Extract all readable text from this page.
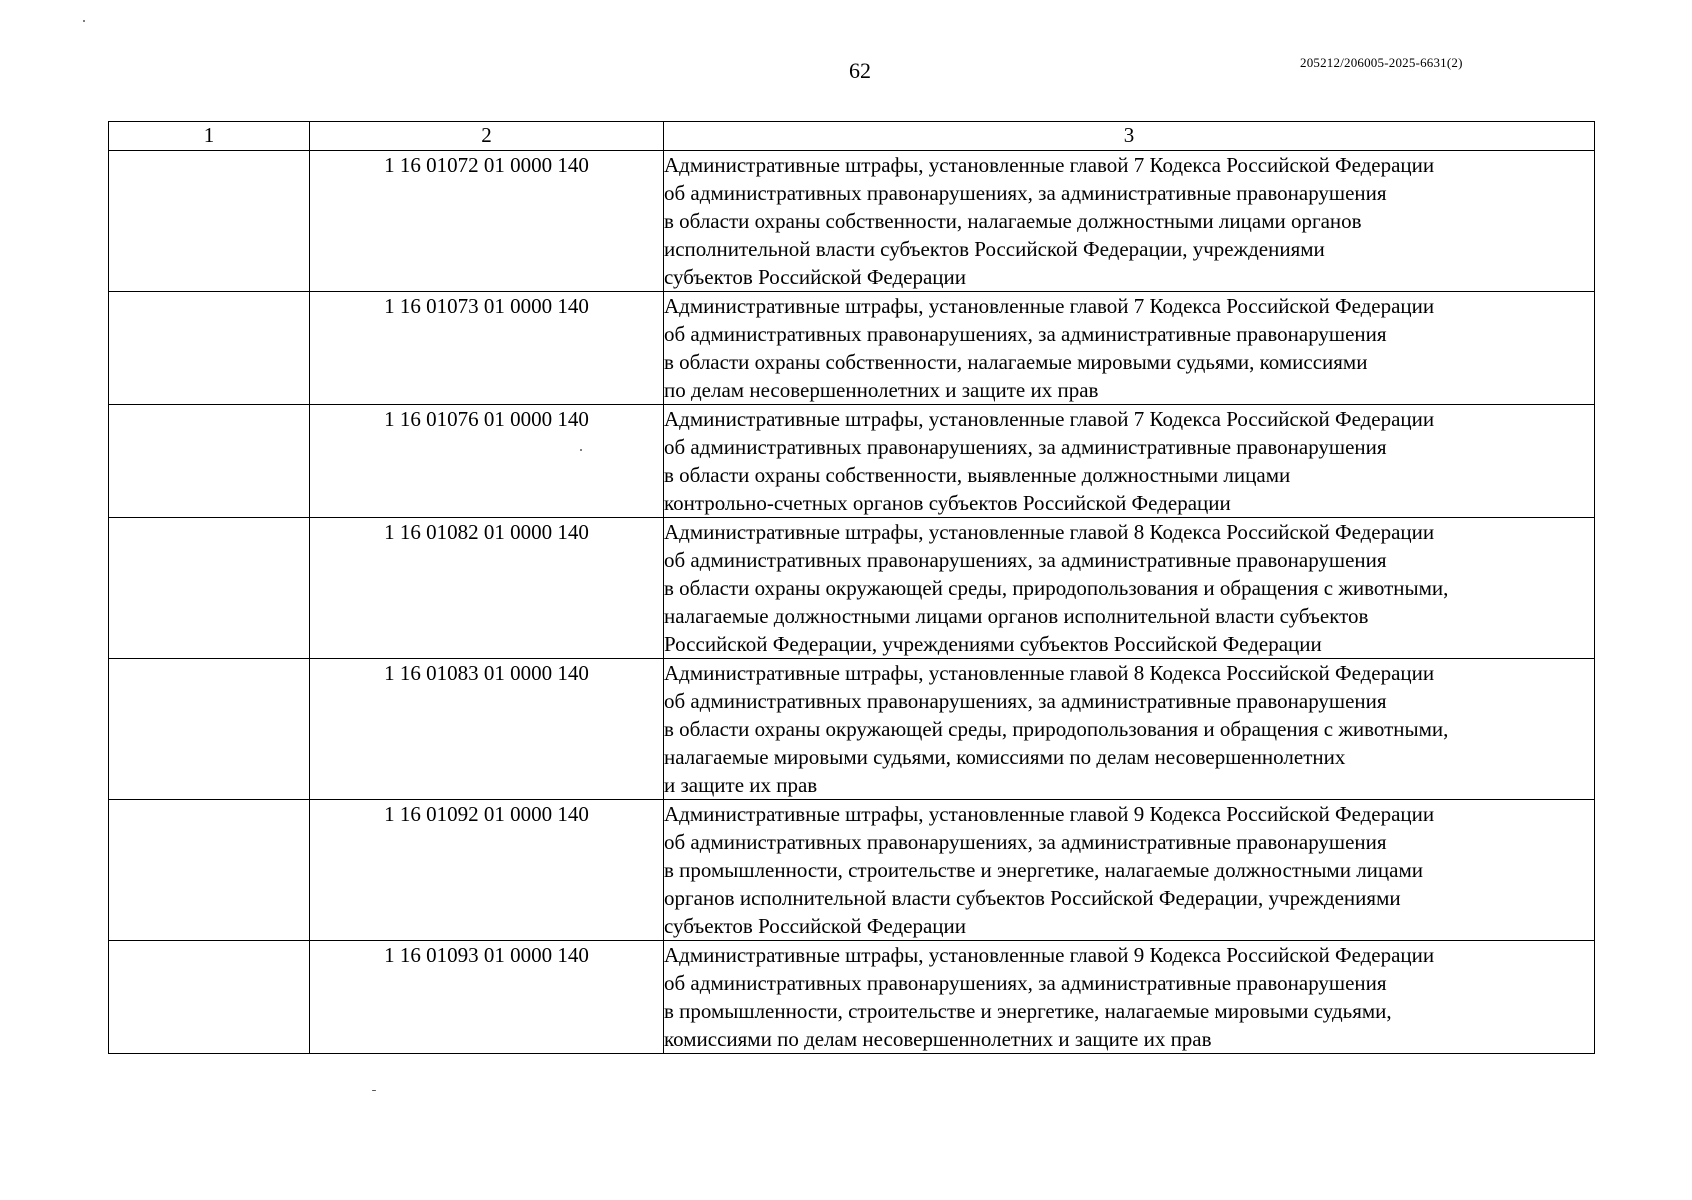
62	205212/206005-2025-6631(2)
1	2	3
	1 16 01072 01 0000 140	Административные штрафы, установленные главой 7 Кодекса Российской Федерации
об административных правонарушениях, за административные правонарушения
в области охраны собственности, налагаемые должностными лицами органов
исполнительной власти субъектов Российской Федерации, учреждениями
субъектов Российской Федерации

	1 16 01073 01 0000 140	Административные штрафы, установленные главой 7 Кодекса Российской Федерации
об административных правонарушениях, за административные правонарушения
в области охраны собственности, налагаемые мировыми судьями, комиссиями
по делам несовершеннолетних и защите их прав

	1 16 01076 01 0000 140	Административные штрафы, установленные главой 7 Кодекса Российской Федерации
об административных правонарушениях, за административные правонарушения
в области охраны собственности, выявленные должностными лицами
контрольно-счетных органов субъектов Российской Федерации

	1 16 01082 01 0000 140	Административные штрафы, установленные главой 8 Кодекса Российской Федерации
об административных правонарушениях, за административные правонарушения
в области охраны окружающей среды, природопользования и обращения с животными,
налагаемые должностными лицами органов исполнительной власти субъектов
Российской Федерации, учреждениями субъектов Российской Федерации

	1 16 01083 01 0000 140	Административные штрафы, установленные главой 8 Кодекса Российской Федерации
об административных правонарушениях, за административные правонарушения
в области охраны окружающей среды, природопользования и обращения с животными,
налагаемые мировыми судьями, комиссиями по делам несовершеннолетних
и защите их прав

	1 16 01092 01 0000 140	Административные штрафы, установленные главой 9 Кодекса Российской Федерации
об административных правонарушениях, за административные правонарушения
в промышленности, строительстве и энергетике, налагаемые должностными лицами
органов исполнительной власти субъектов Российской Федерации, учреждениями
субъектов Российской Федерации

	1 16 01093 01 0000 140	Административные штрафы, установленные главой 9 Кодекса Российской Федерации
об административных правонарушениях, за административные правонарушения
в промышленности, строительстве и энергетике, налагаемые мировыми судьями,
комиссиями по делам несовершеннолетних и защите их прав
